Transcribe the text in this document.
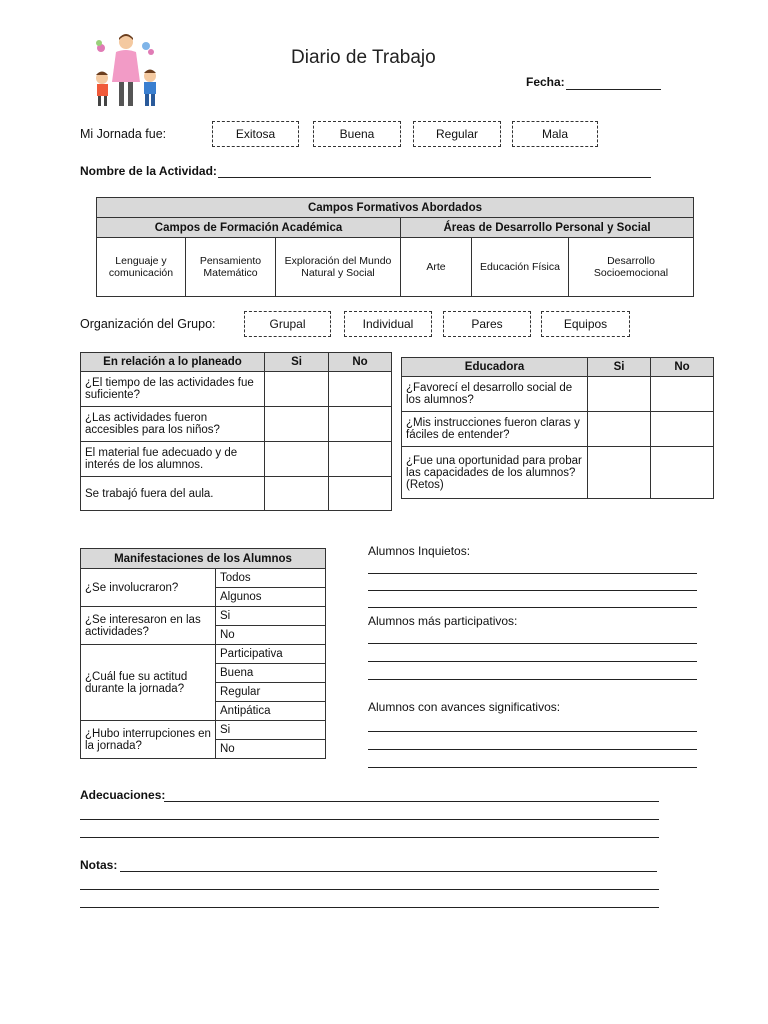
Diario de Trabajo
Fecha:
Mi Jornada fue:	Exitosa	Buena	Regular	Mala
Nombre de la Actividad:
Campos Formativos Abordados					
Campos de Formación Académica			Áreas de Desarrollo Personal y Social		
Lenguaje y comunicación	Pensamiento Matemático	Exploración del Mundo Natural y Social	Arte	Educación Física	Desarrollo Socioemocional
Organización del Grupo:	Grupal	Individual	Pares	Equipos
En relación a lo planeado	Si	No
¿El tiempo de las actividades fue suficiente?		
¿Las actividades fueron accesibles para los niños?		
El material fue adecuado y de interés de los alumnos.		
Se trabajó fuera del aula.		
Educadora	Si	No
¿Favorecí el desarrollo social de los alumnos?		
¿Mis instrucciones fueron claras y fáciles de entender?		
¿Fue una oportunidad para probar las capacidades de los alumnos? (Retos)		
Manifestaciones de los Alumnos	
¿Se involucraron?	Todos
	Algunos
¿Se interesaron en las actividades?	Si
	No
¿Cuál fue su actitud durante la jornada?	Participativa
	Buena
	Regular
	Antipática
¿Hubo interrupciones en la jornada?	Si
	No
Alumnos Inquietos:
Alumnos más participativos:
Alumnos con avances significativos:
Adecuaciones:
Notas:
